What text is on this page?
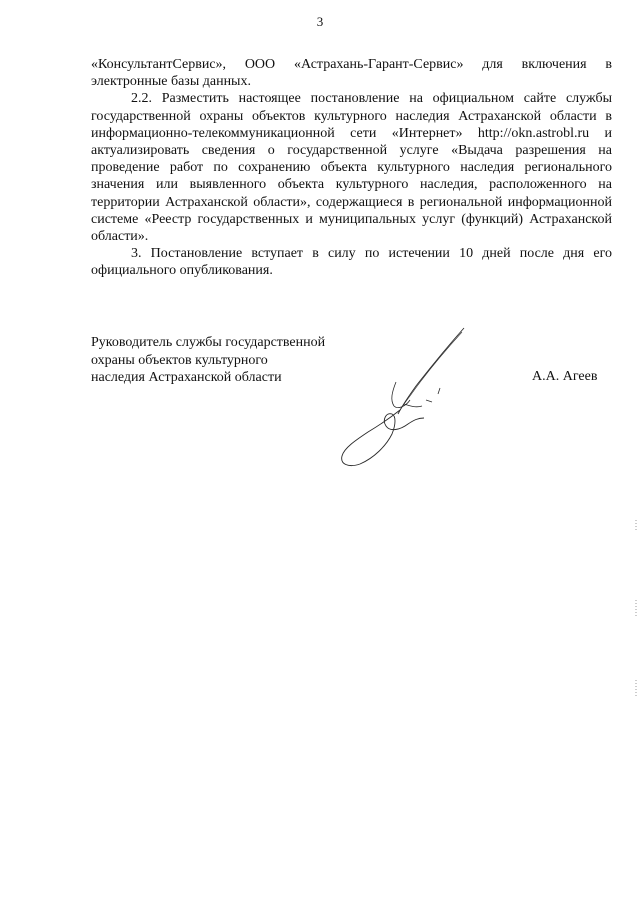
3

«КонсультантСервис», ООО «Астрахань-Гарант-Сервис» для включения в электронные базы данных.

2.2. Разместить настоящее постановление на официальном сайте службы государственной охраны объектов культурного наследия Астраханской области в информационно-телекоммуникационной сети «Интернет» http://okn.astrobl.ru и актуализировать сведения о государственной услуге «Выдача разрешения на проведение работ по сохранению объекта культурного наследия регионального значения или выявленного объекта культурного наследия, расположенного на территории Астраханской области», содержащиеся в региональной информационной системе «Реестр государственных и муниципальных услуг (функций) Астраханской области».

3. Постановление вступает в силу по истечении 10 дней после дня его официального опубликования.

Руководитель службы государственной
охраны объектов культурного
наследия Астраханской области	А.А. Агеев
